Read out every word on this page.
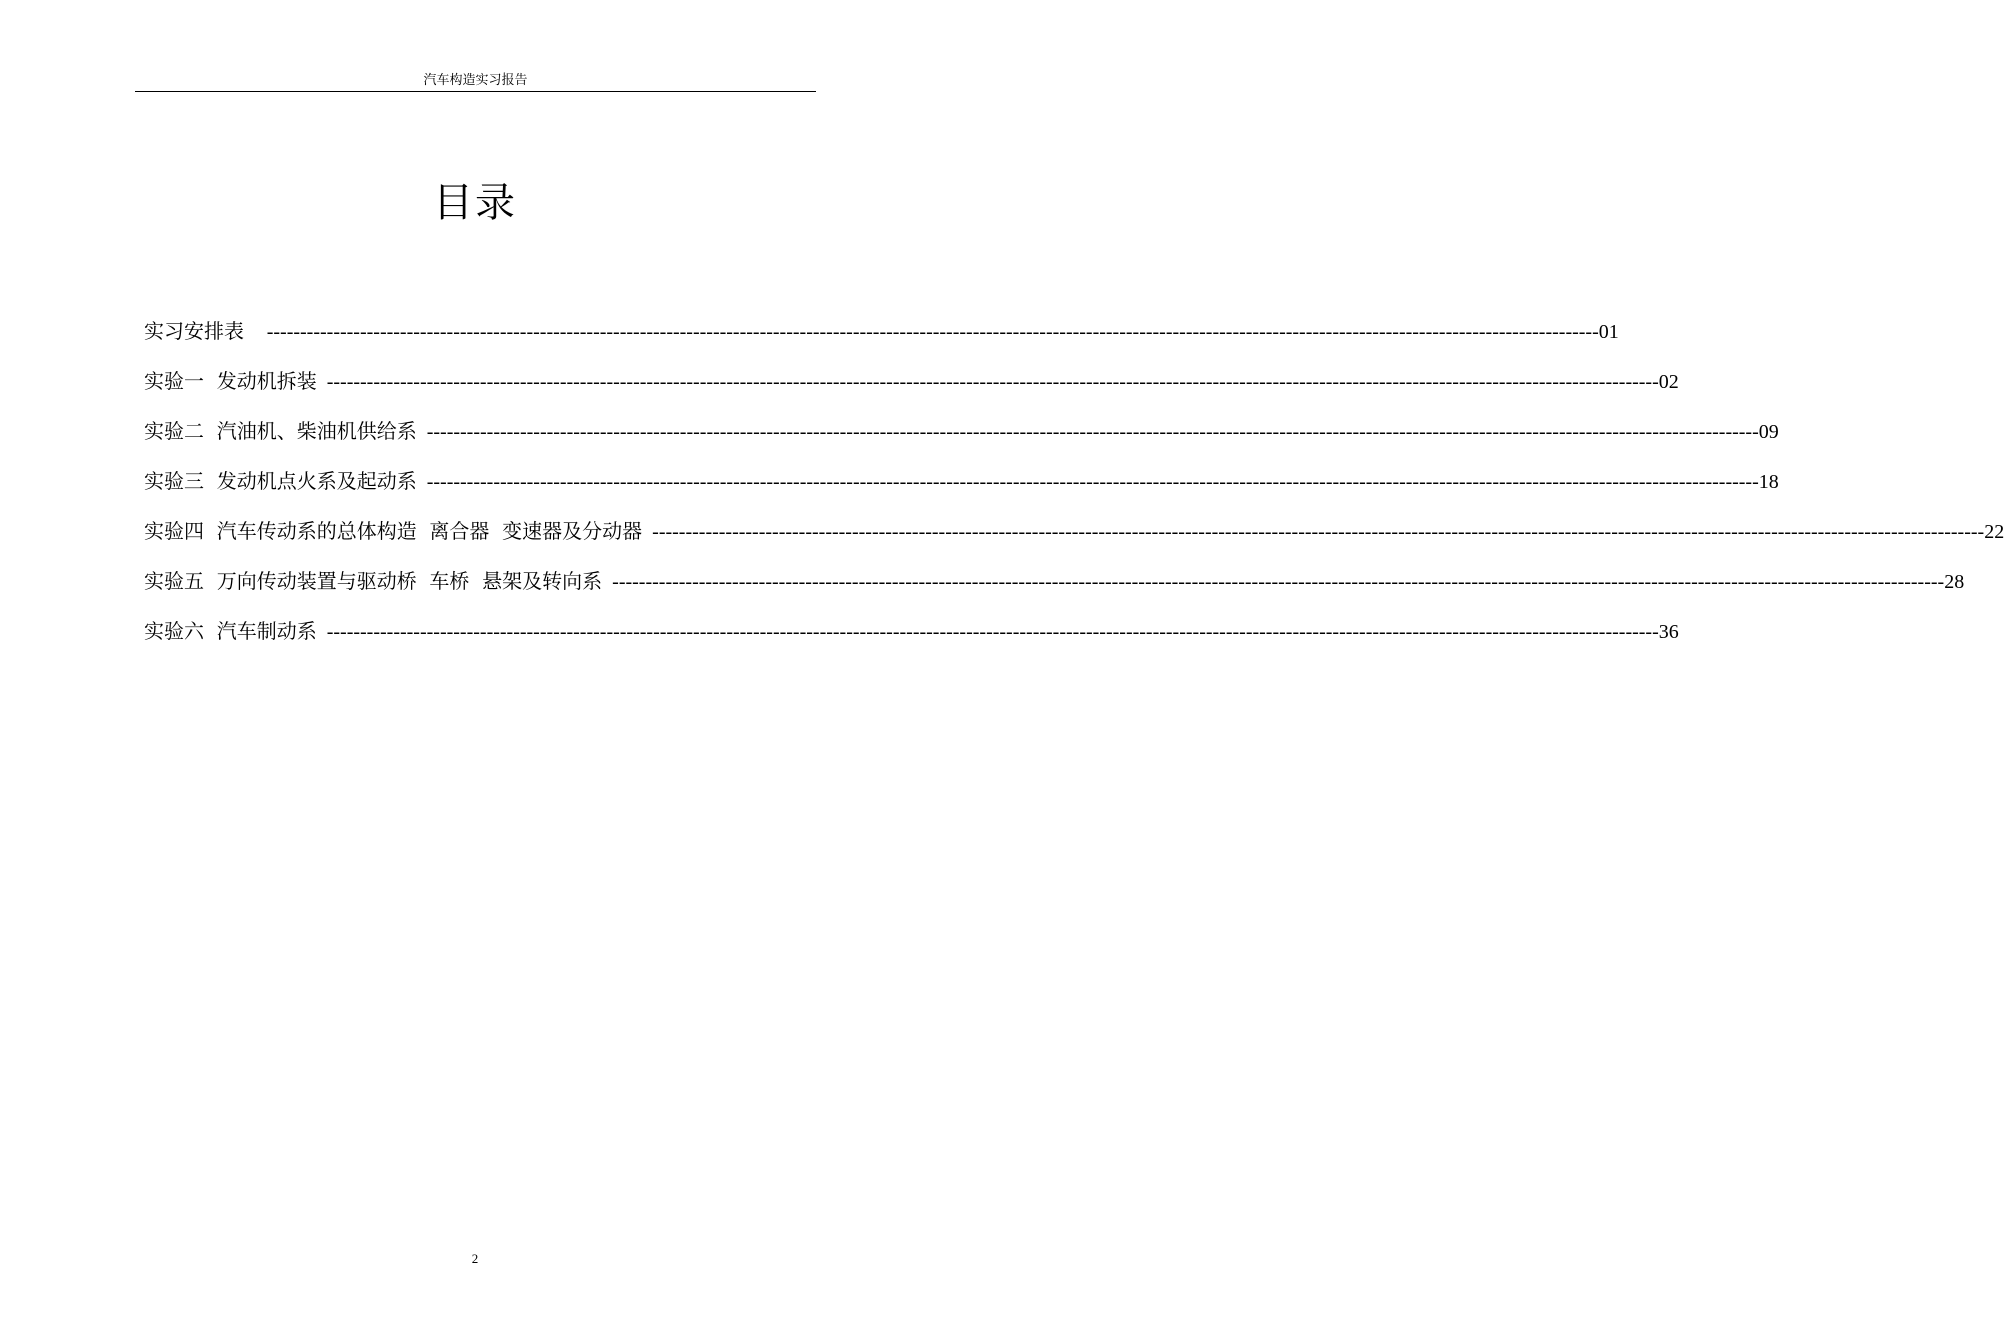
汽车构造实习报告
目录
实习安排表 -------------------------------------------------------------------------------------------------------------------------------------------------------------------------------------------------------- 01
实验一  发动机拆装 -------------------------------------------------------------------------------------------------------------------------------------------------------------------------------------------------------- 02
实验二  汽油机、柴油机供给系 -------------------------------------------------------------------------------------------------------------------------------------------------------------------------------------------------------- 09
实验三  发动机点火系及起动系 -------------------------------------------------------------------------------------------------------------------------------------------------------------------------------------------------------- 18
实验四  汽车传动系的总体构造  离合器  变速器及分动器 -------------------------------------------------------------------------------------------------------------------------------------------------------------------------------------------------------- 22
实验五  万向传动装置与驱动桥  车桥  悬架及转向系 -------------------------------------------------------------------------------------------------------------------------------------------------------------------------------------------------------- 28
实验六  汽车制动系 -------------------------------------------------------------------------------------------------------------------------------------------------------------------------------------------------------- 36
2
